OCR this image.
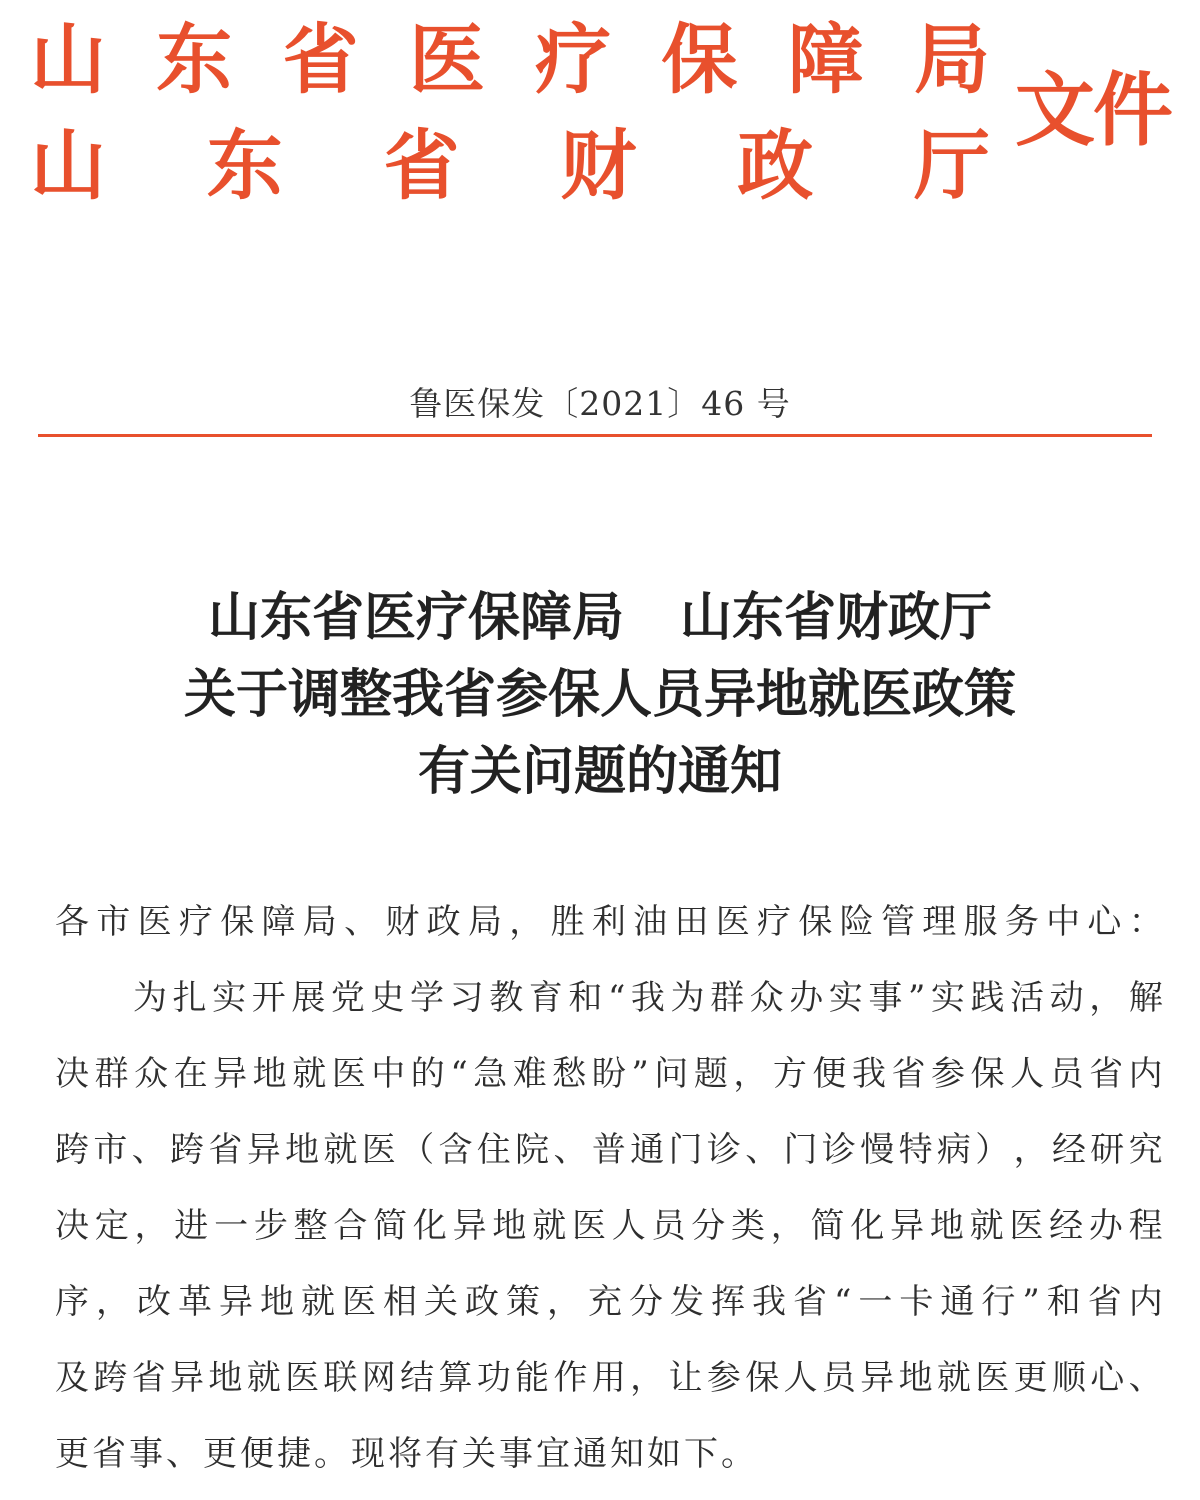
山 东 省 医 疗 保 障 局
山 东 省 财 政 厅
文件
鲁医保发〔2021〕46 号
山东省医疗保障局 山东省财政厅
关于调整我省参保人员异地就医政策
有关问题的通知
各 市 医 疗 保 障 局 、 财 政 局 ， 胜 利 油 田 医 疗 保 险 管 理 服 务 中 心 ：
为 扎 实 开 展 党 史 学 习 教 育 和 “ 我 为 群 众 办 实 事 ” 实 践 活 动 ， 解
决 群 众 在 异 地 就 医 中 的 “ 急 难 愁 盼 ” 问 题 ， 方 便 我 省 参 保 人 员 省 内
跨 市 、 跨 省 异 地 就 医 （ 含 住 院 、 普 通 门 诊 、 门 诊 慢 特 病 ） ， 经 研 究
决 定 ， 进 一 步 整 合 简 化 异 地 就 医 人 员 分 类 ， 简 化 异 地 就 医 经 办 程
序 ， 改 革 异 地 就 医 相 关 政 策 ， 充 分 发 挥 我 省 “ 一 卡 通 行 ” 和 省 内
及 跨 省 异 地 就 医 联 网 结 算 功 能 作 用 ， 让 参 保 人 员 异 地 就 医 更 顺 心 、
更省事、更便捷。现将有关事宜通知如下。
